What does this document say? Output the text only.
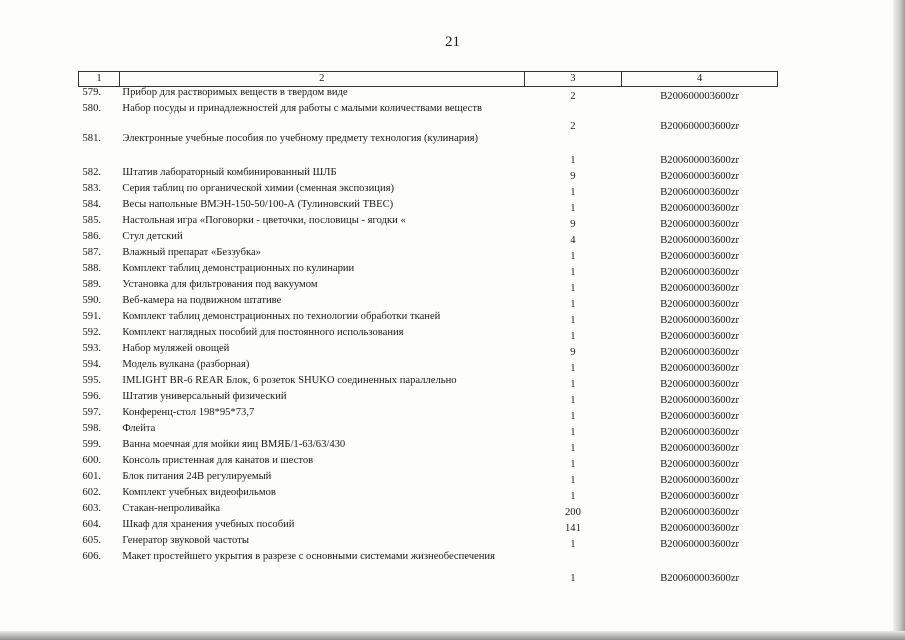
21
1	2	3	4
579.	Прибор для растворимых веществ в твердом виде	2	B200600003600zr
580.	Набор посуды и принадлежностей для работы с малыми количествами веществ	2	B200600003600zr
581.	Электронные учебные пособия по учебному предмету технология (кулинария)	1	B200600003600zr
582.	Штатив лабораторный комбинированный ШЛБ	9	B200600003600zr
583.	Серия таблиц по органической химии (сменная экспозиция)	1	B200600003600zr
584.	Весы напольные ВМЭН-150-50/100-А (Тулиновский ТВЕС)	1	B200600003600zr
585.	Настольная игра «Поговорки - цветочки, пословицы - ягодки «	9	B200600003600zr
586.	Стул детский	4	B200600003600zr
587.	Влажный препарат «Беззубка»	1	B200600003600zr
588.	Комплект таблиц демонстрационных по кулинарии	1	B200600003600zr
589.	Установка для фильтрования под вакуумом	1	B200600003600zr
590.	Веб-камера на подвижном штативе	1	B200600003600zr
591.	Комплект таблиц демонстрационных по технологии обработки тканей	1	B200600003600zr
592.	Комплект наглядных пособий для постоянного использования	1	B200600003600zr
593.	Набор муляжей овощей	9	B200600003600zr
594.	Модель вулкана (разборная)	1	B200600003600zr
595.	IMLIGHT BR-6 REAR Блок, 6 розеток SHUKO соединенных параллельно	1	B200600003600zr
596.	Штатив универсальный физический	1	B200600003600zr
597.	Конференц-стол 198*95*73,7	1	B200600003600zr
598.	Флейта	1	B200600003600zr
599.	Ванна моечная для мойки яиц ВМЯБ/1-63/63/430	1	B200600003600zr
600.	Консоль пристенная для канатов и шестов	1	B200600003600zr
601.	Блок питания 24В регулируемый	1	B200600003600zr
602.	Комплект учебных видеофильмов	1	B200600003600zr
603.	Стакан-непроливайка	200	B200600003600zr
604.	Шкаф для хранения учебных пособий	141	B200600003600zr
605.	Генератор звуковой частоты	1	B200600003600zr
606.	Макет простейшего укрытия в разрезе с основными системами жизнеобеспечения	1	B200600003600zr
